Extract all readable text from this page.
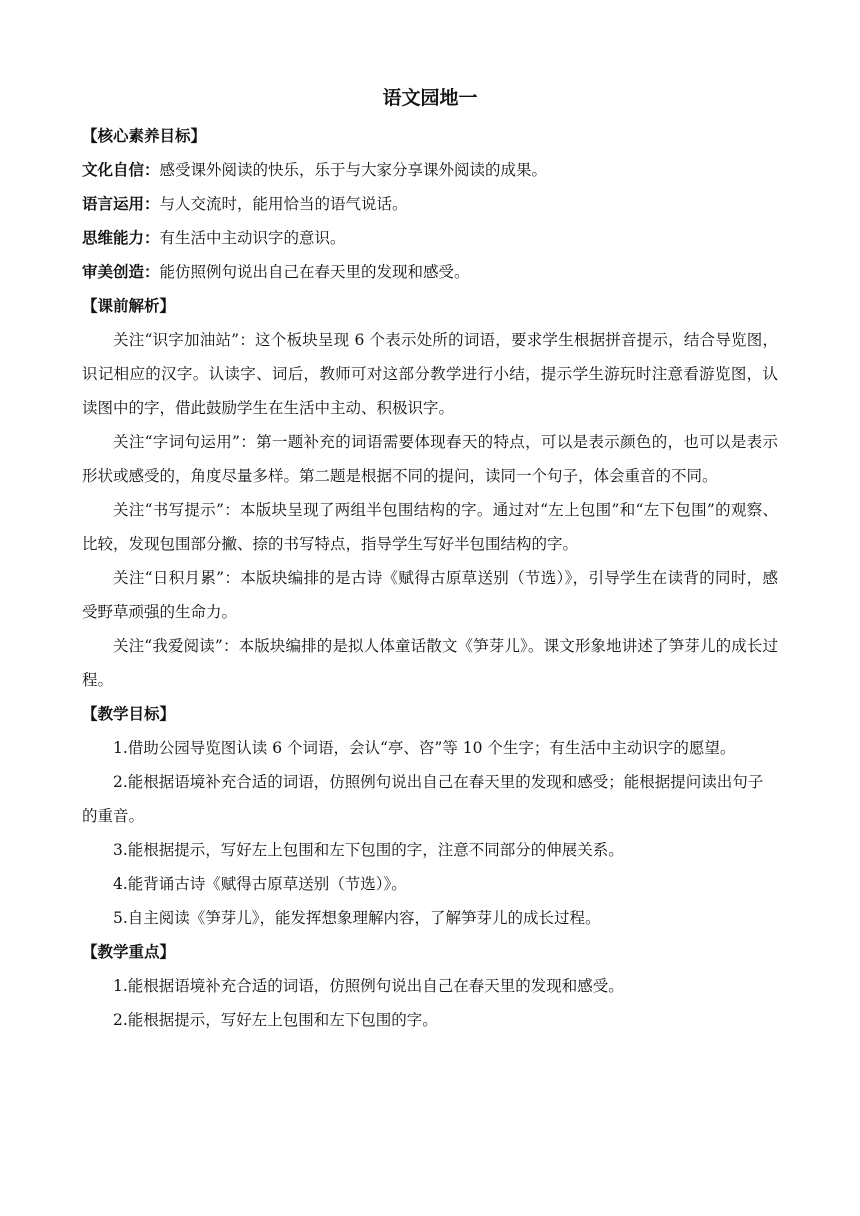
语文园地一

【核心素养目标】

文化自信：感受课外阅读的快乐，乐于与大家分享课外阅读的成果。

语言运用：与人交流时，能用恰当的语气说话。

思维能力：有生活中主动识字的意识。

审美创造：能仿照例句说出自己在春天里的发现和感受。

【课前解析】

关注“识字加油站”：这个板块呈现 6 个表示处所的词语，要求学生根据拼音提示，结合导览图，识记相应的汉字。认读字、词后，教师可对这部分教学进行小结，提示学生游玩时注意看游览图，认读图中的字，借此鼓励学生在生活中主动、积极识字。

关注“字词句运用”：第一题补充的词语需要体现春天的特点，可以是表示颜色的，也可以是表示形状或感受的，角度尽量多样。第二题是根据不同的提问，读同一个句子，体会重音的不同。

关注“书写提示”：本版块呈现了两组半包围结构的字。通过对“左上包围”和“左下包围”的观察、比较，发现包围部分撇、捺的书写特点，指导学生写好半包围结构的字。

关注“日积月累”：本版块编排的是古诗《赋得古原草送别（节选）》，引导学生在读背的同时，感受野草顽强的生命力。

关注“我爱阅读”：本版块编排的是拟人体童话散文《笋芽儿》。课文形象地讲述了笋芽儿的成长过程。

【教学目标】

1.借助公园导览图认读 6 个词语，会认“亭、咨”等 10 个生字；有生活中主动识字的愿望。

2.能根据语境补充合适的词语，仿照例句说出自己在春天里的发现和感受；能根据提问读出句子的重音。

3.能根据提示，写好左上包围和左下包围的字，注意不同部分的伸展关系。

4.能背诵古诗《赋得古原草送别（节选）》。

5.自主阅读《笋芽儿》，能发挥想象理解内容，了解笋芽儿的成长过程。

【教学重点】

1.能根据语境补充合适的词语，仿照例句说出自己在春天里的发现和感受。

2.能根据提示，写好左上包围和左下包围的字。
